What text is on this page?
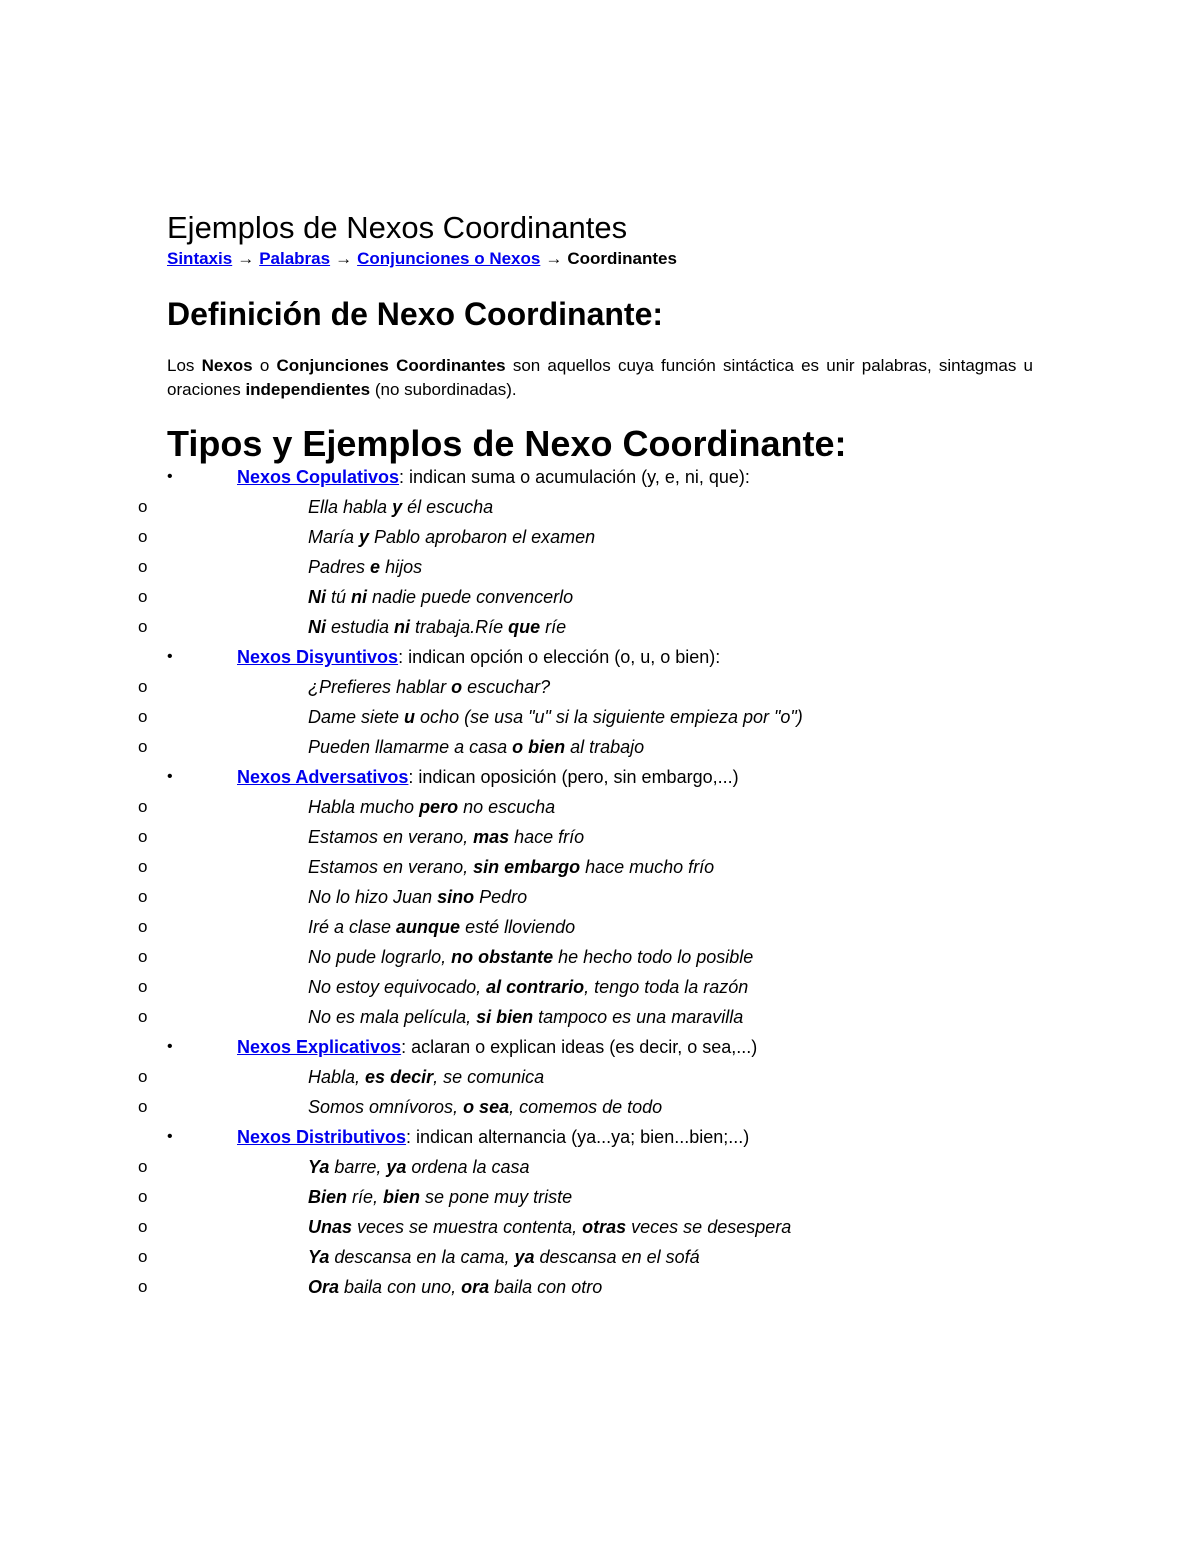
Ejemplos de Nexos Coordinantes
Sintaxis → Palabras → Conjunciones o Nexos → Coordinantes
Definición de Nexo Coordinante:

Los Nexos o Conjunciones Coordinantes son aquellos cuya función sintáctica es unir palabras, sintagmas u oraciones independientes (no subordinadas).

Tipos y Ejemplos de Nexo Coordinante:
•	Nexos Copulativos: indican suma o acumulación (y, e, ni, que):
o	Ella habla y él escucha
o	María y Pablo aprobaron el examen
o	Padres e hijos
o	Ni tú ni nadie puede convencerlo
o	Ni estudia ni trabaja.Ríe que ríe
•	Nexos Disyuntivos: indican opción o elección (o, u, o bien):
o	¿Prefieres hablar o escuchar?
o	Dame siete u ocho (se usa "u" si la siguiente empieza por "o")
o	Pueden llamarme a casa o bien al trabajo
•	Nexos Adversativos: indican oposición (pero, sin embargo,...)
o	Habla mucho pero no escucha
o	Estamos en verano, mas hace frío
o	Estamos en verano, sin embargo hace mucho frío
o	No lo hizo Juan sino Pedro
o	Iré a clase aunque esté lloviendo
o	No pude lograrlo, no obstante he hecho todo lo posible
o	No estoy equivocado, al contrario, tengo toda la razón
o	No es mala película, si bien tampoco es una maravilla
•	Nexos Explicativos: aclaran o explican ideas (es decir, o sea,...)
o	Habla, es decir, se comunica
o	Somos omnívoros, o sea, comemos de todo
•	Nexos Distributivos: indican alternancia (ya...ya; bien...bien;...)
o	Ya barre, ya ordena la casa
o	Bien ríe, bien se pone muy triste
o	Unas veces se muestra contenta, otras veces se desespera
o	Ya descansa en la cama, ya descansa en el sofá
o	Ora baila con uno, ora baila con otro
